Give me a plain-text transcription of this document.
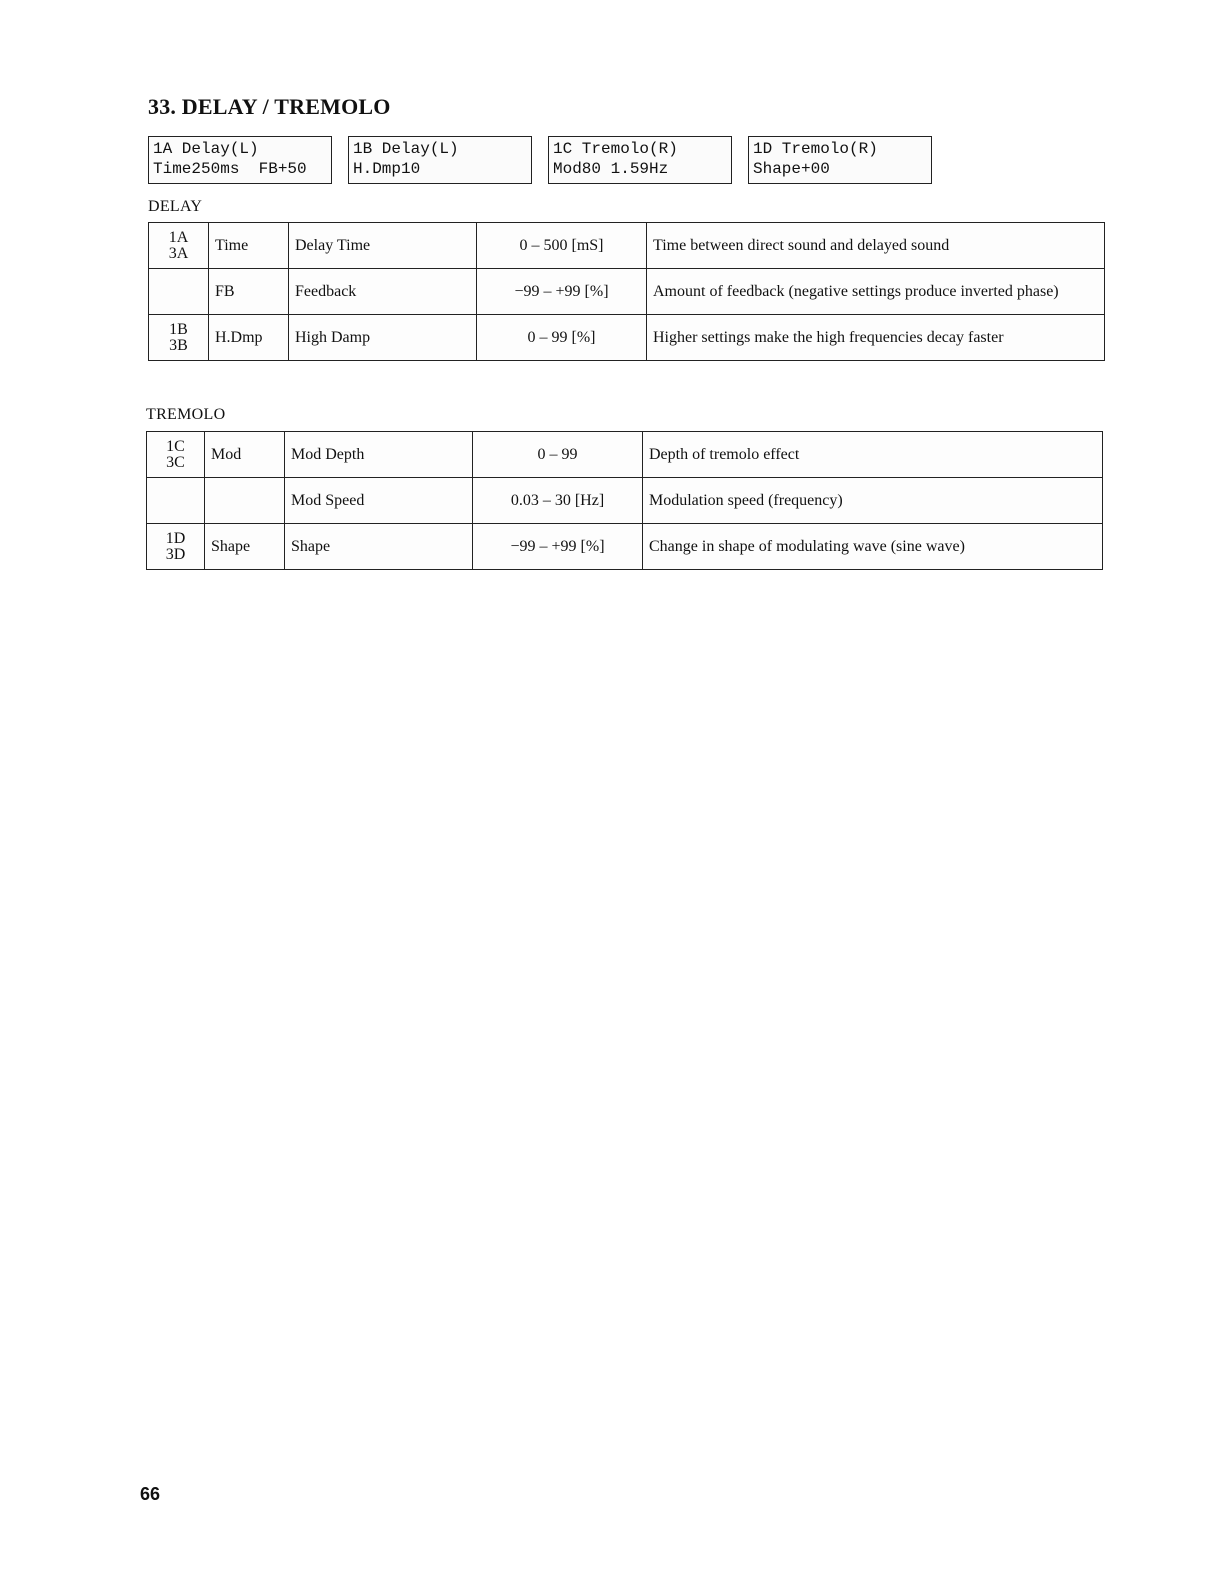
33. DELAY / TREMOLO
1A Delay(L)
Time250ms  FB+50
1B Delay(L)
H.Dmp10
1C Tremolo(R)
Mod80 1.59Hz
1D Tremolo(R)
Shape+00
DELAY
1A
3A	Time	Delay Time	0 – 500 [mS]	Time between direct sound and delayed sound

	FB	Feedback	−99 – +99 [%]	Amount of feedback (negative settings produce inverted phase)

1B
3B	H.Dmp	High Damp	0 – 99 [%]	Higher settings make the high frequencies decay faster
TREMOLO
1C
3C	Mod	Mod Depth	0 – 99	Depth of tremolo effect

		Mod Speed	0.03 – 30 [Hz]	Modulation speed (frequency)

1D
3D	Shape	Shape	−99 – +99 [%]	Change in shape of modulating wave (sine wave)
66
